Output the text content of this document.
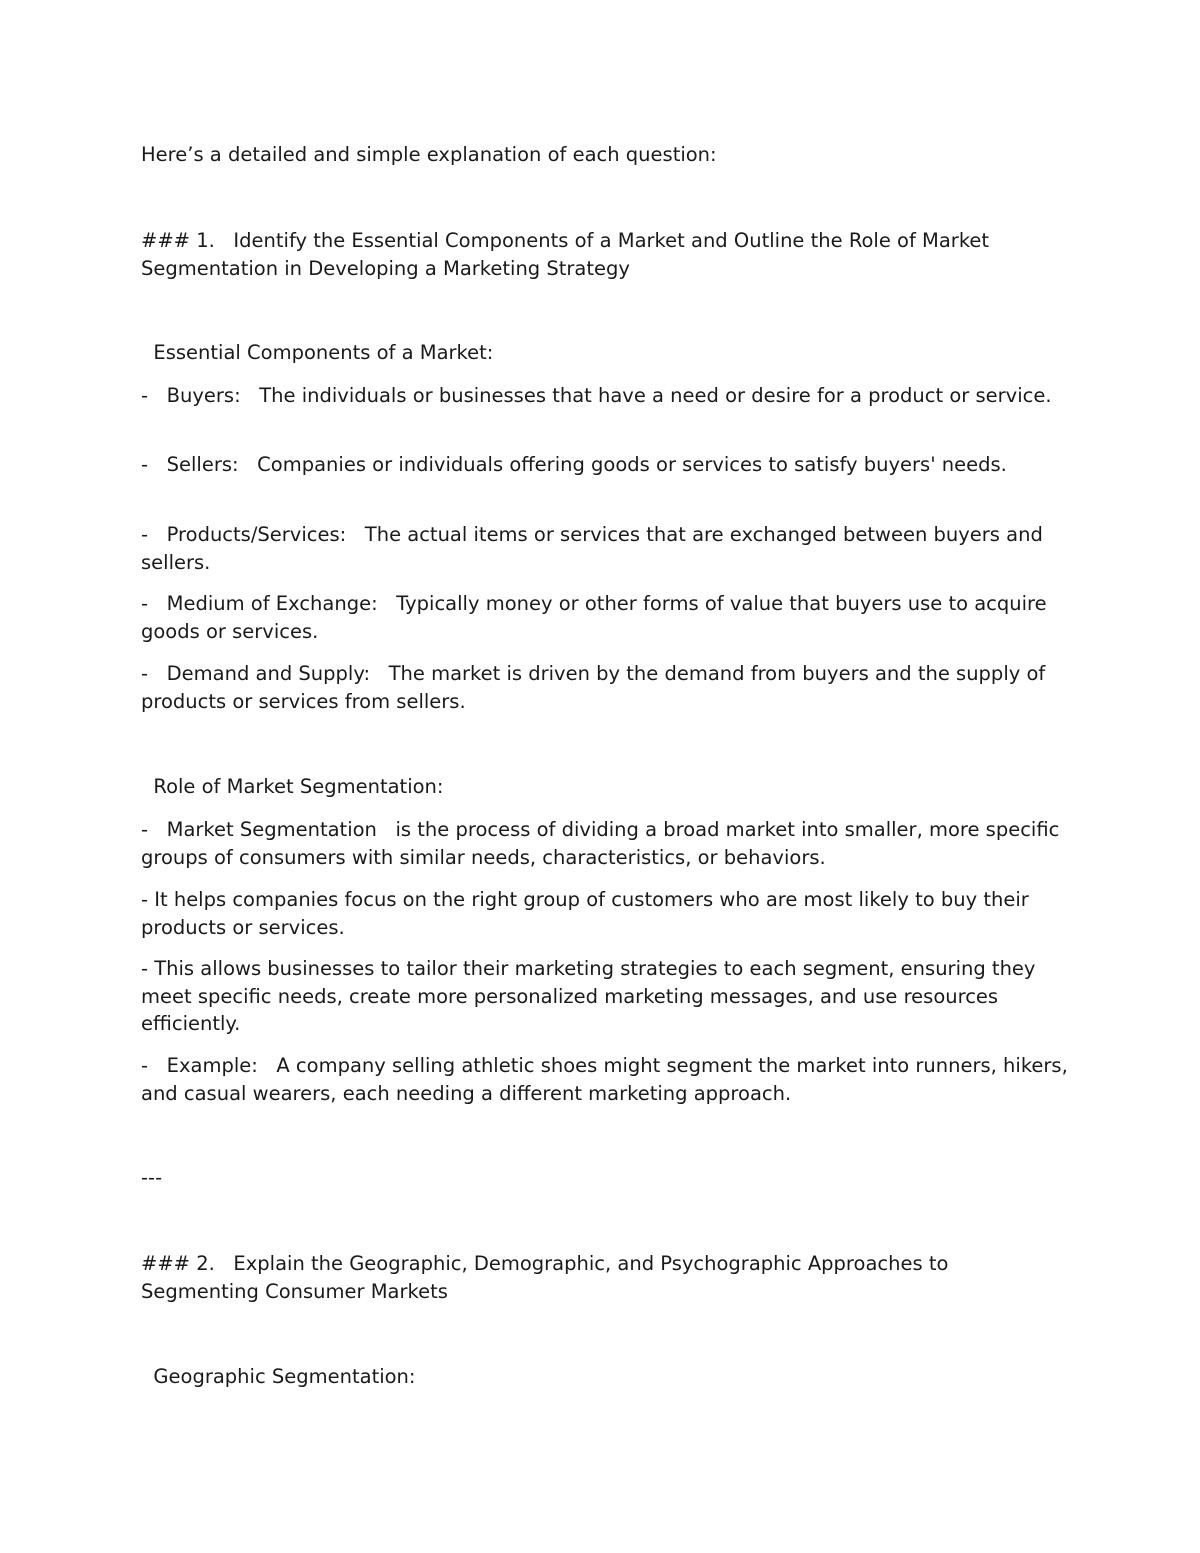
Here’s a detailed and simple explanation of each question:

### 1.   Identify the Essential Components of a Market and Outline the Role of Market Segmentation in Developing a Marketing Strategy

Essential Components of a Market:

-   Buyers:   The individuals or businesses that have a need or desire for a product or service.

-   Sellers:   Companies or individuals offering goods or services to satisfy buyers' needs.

-   Products/Services:   The actual items or services that are exchanged between buyers and sellers.

-   Medium of Exchange:   Typically money or other forms of value that buyers use to acquire goods or services.

-   Demand and Supply:   The market is driven by the demand from buyers and the supply of products or services from sellers.

Role of Market Segmentation:

-   Market Segmentation   is the process of dividing a broad market into smaller, more specific groups of consumers with similar needs, characteristics, or behaviors.

- It helps companies focus on the right group of customers who are most likely to buy their products or services.

- This allows businesses to tailor their marketing strategies to each segment, ensuring they meet specific needs, create more personalized marketing messages, and use resources efficiently.

-   Example:   A company selling athletic shoes might segment the market into runners, hikers, and casual wearers, each needing a different marketing approach.

---

### 2.   Explain the Geographic, Demographic, and Psychographic Approaches to Segmenting Consumer Markets

Geographic Segmentation:
